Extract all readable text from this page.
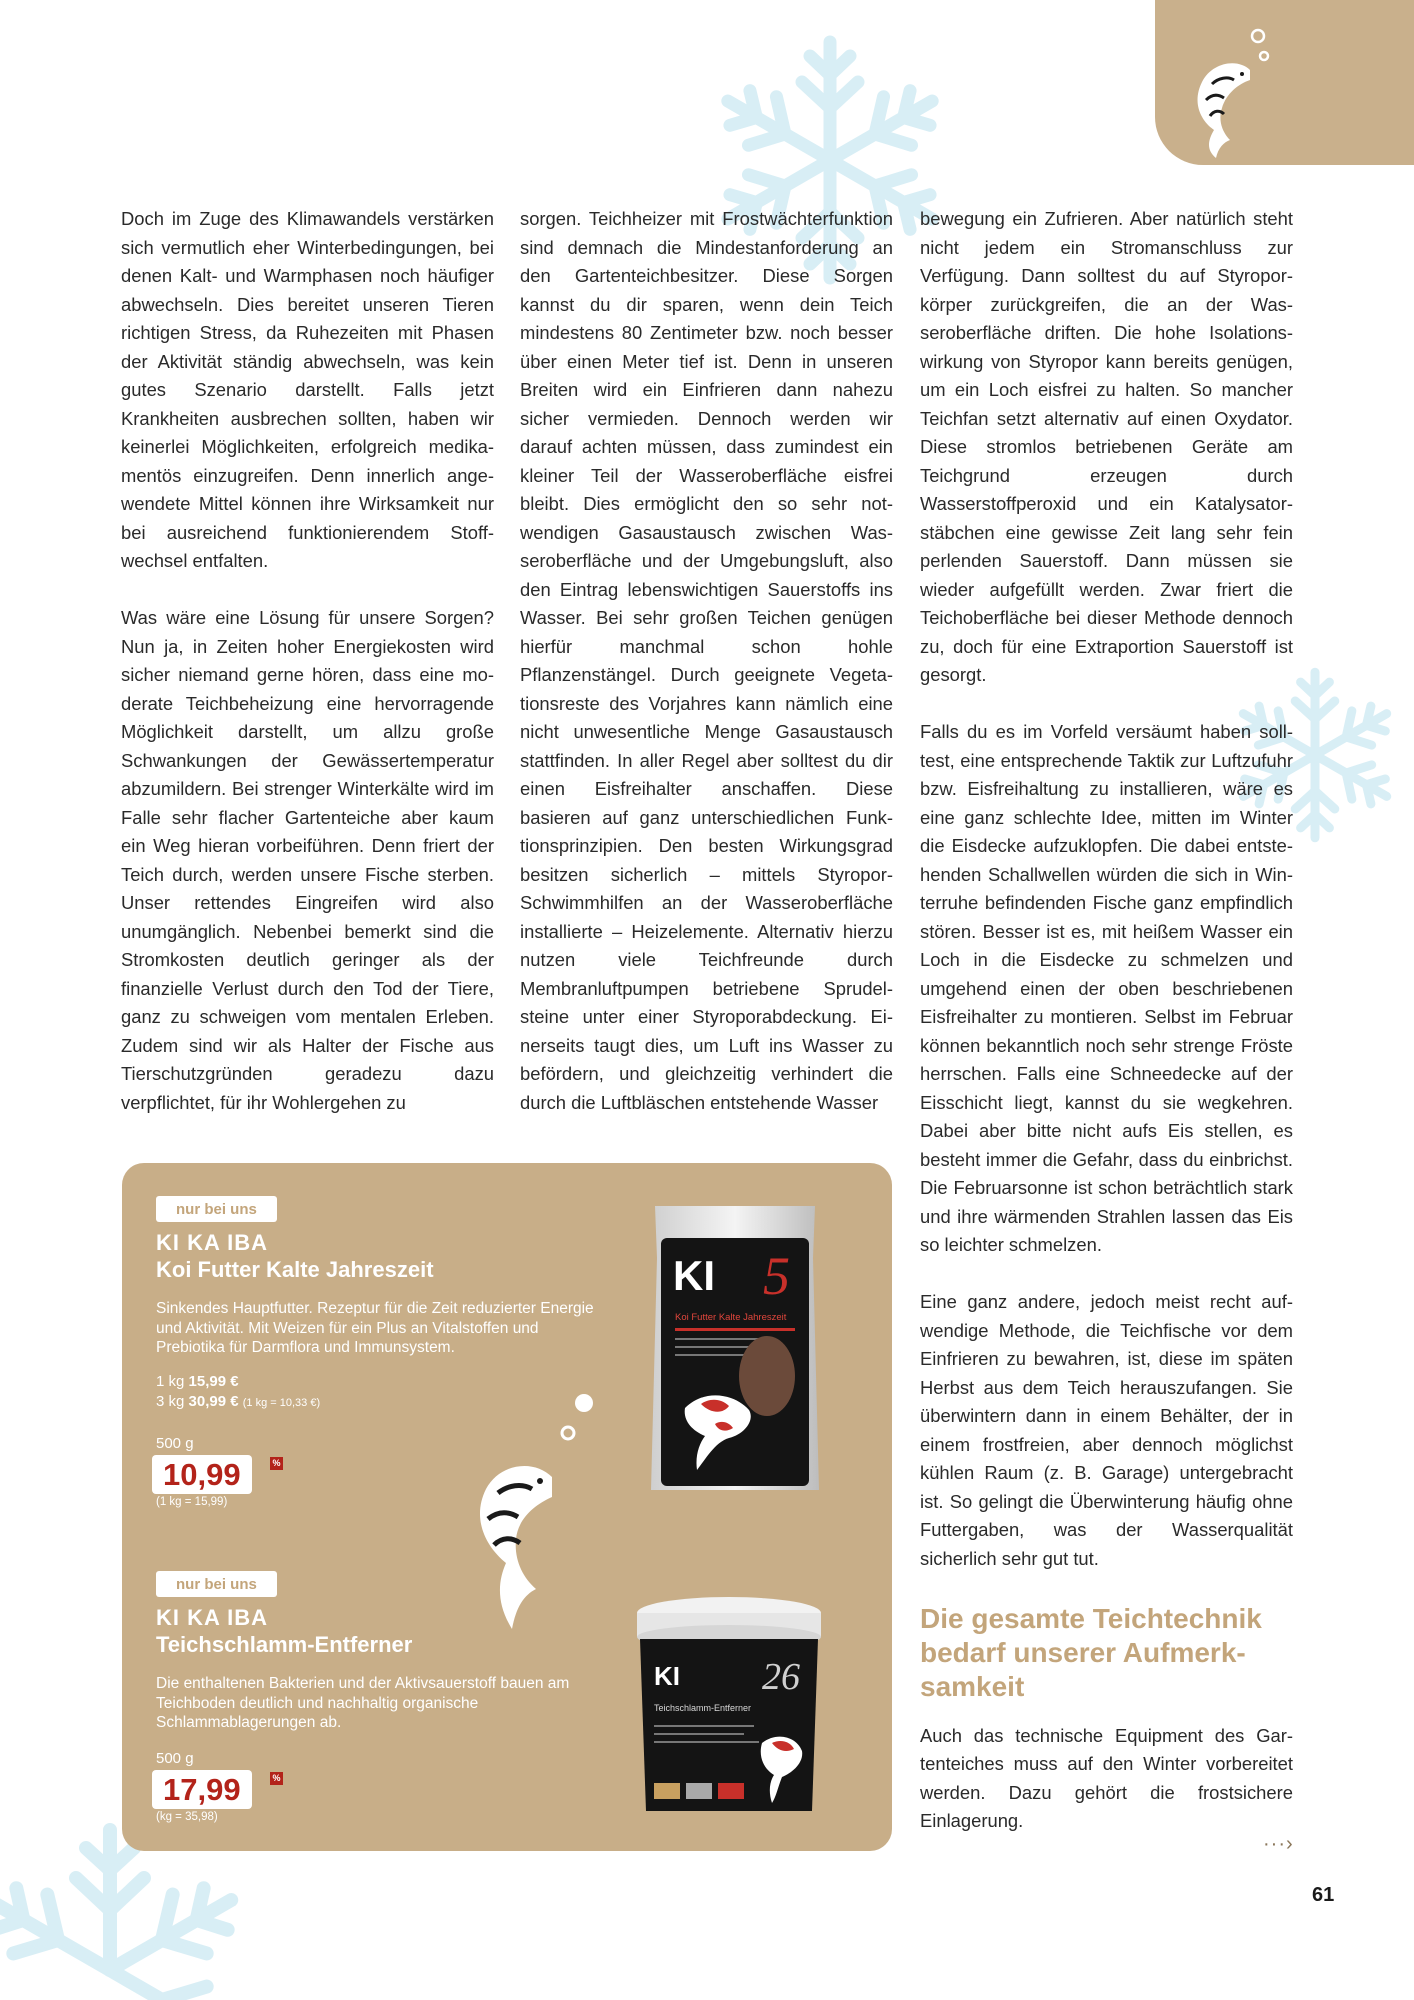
Doch im Zuge des Klimawandels verstärken sich vermutlich eher Winterbedingungen, bei denen Kalt- und Warmphasen noch häufiger abwechseln. Dies bereitet unseren Tieren richtigen Stress, da Ruhezeiten mit Phasen der Aktivität ständig abwechseln, was kein gutes Szenario darstellt. Falls jetzt Krankheiten ausbrechen sollten, haben wir keinerlei Möglichkeiten, erfolgreich medikamentös einzugreifen. Denn innerlich angewendete Mittel können ihre Wirksamkeit nur bei ausreichend funktionierendem Stoffwechsel entfalten.

Was wäre eine Lösung für unsere Sorgen? Nun ja, in Zeiten hoher Energiekosten wird sicher niemand gerne hören, dass eine moderate Teichbeheizung eine hervorragende Möglichkeit darstellt, um allzu große Schwankungen der Gewässertemperatur abzumildern. Bei strenger Winterkälte wird im Falle sehr flacher Gartenteiche aber kaum ein Weg hieran vorbeiführen. Denn friert der Teich durch, werden unsere Fische sterben. Unser rettendes Eingreifen wird also unumgänglich. Nebenbei bemerkt sind die Stromkosten deutlich geringer als der finanzielle Verlust durch den Tod der Tiere, ganz zu schweigen vom mentalen Erleben. Zudem sind wir als Halter der Fische aus Tierschutzgründen geradezu dazu verpflichtet, für ihr Wohlergehen zu

sorgen. Teichheizer mit Frostwächterfunktion sind demnach die Mindestanforderung an den Gartenteichbesitzer. Diese Sorgen kannst du dir sparen, wenn dein Teich mindestens 80 Zentimeter bzw. noch besser über einen Meter tief ist. Denn in unseren Breiten wird ein Einfrieren dann nahezu sicher vermieden. Dennoch werden wir darauf achten müssen, dass zumindest ein kleiner Teil der Wasseroberfläche eisfrei bleibt. Dies ermöglicht den so sehr notwendigen Gasaustausch zwischen Wasseroberfläche und der Umgebungsluft, also den Eintrag lebenswichtigen Sauerstoffs ins Wasser. Bei sehr großen Teichen genügen hierfür manchmal schon hohle Pflanzenstängel. Durch geeignete Vegetationsreste des Vorjahres kann nämlich eine nicht unwesentliche Menge Gasaustausch stattfinden. In aller Regel aber solltest du dir einen Eisfreihalter anschaffen. Diese basieren auf ganz unterschiedlichen Funktionsprinzipien. Den besten Wirkungsgrad besitzen sicherlich – mittels Styropor-Schwimmhilfen an der Wasseroberfläche installierte – Heizelemente. Alternativ hierzu nutzen viele Teichfreunde durch Membranluftpumpen betriebene Sprudelsteine unter einer Styroporabdeckung. Einerseits taugt dies, um Luft ins Wasser zu befördern, und gleichzeitig verhindert die durch die Luftbläschen entstehende Wasser

bewegung ein Zufrieren. Aber natürlich steht nicht jedem ein Stromanschluss zur Verfügung. Dann solltest du auf Styroporkörper zurückgreifen, die an der Wasseroberfläche driften. Die hohe Isolationswirkung von Styropor kann bereits genügen, um ein Loch eisfrei zu halten. So mancher Teichfan setzt alternativ auf einen Oxydator. Diese stromlos betriebenen Geräte am Teichgrund erzeugen durch Wasserstoffperoxid und ein Katalysatorstäbchen eine gewisse Zeit lang sehr fein perlenden Sauerstoff. Dann müssen sie wieder aufgefüllt werden. Zwar friert die Teichoberfläche bei dieser Methode dennoch zu, doch für eine Extraportion Sauerstoff ist gesorgt.

Falls du es im Vorfeld versäumt haben solltest, eine entsprechende Taktik zur Luftzufuhr bzw. Eisfreihaltung zu installieren, wäre es eine ganz schlechte Idee, mitten im Winter die Eisdecke aufzuklopfen. Die dabei entstehenden Schallwellen würden die sich in Winterruhe befindenden Fische ganz empfindlich stören. Besser ist es, mit heißem Wasser ein Loch in die Eisdecke zu schmelzen und umgehend einen der oben beschriebenen Eisfreihalter zu montieren. Selbst im Februar können bekanntlich noch sehr strenge Fröste herrschen. Falls eine Schneedecke auf der Eisschicht liegt, kannst du sie wegkehren. Dabei aber bitte nicht aufs Eis stellen, es besteht immer die Gefahr, dass du einbrichst. Die Februarsonne ist schon beträchtlich stark und ihre wärmenden Strahlen lassen das Eis so leichter schmelzen.

Eine ganz andere, jedoch meist recht aufwendige Methode, die Teichfische vor dem Einfrieren zu bewahren, ist, diese im späten Herbst aus dem Teich herauszufangen. Sie überwintern dann in einem Behälter, der in einem frostfreien, aber dennoch möglichst kühlen Raum (z. B. Garage) untergebracht ist. So gelingt die Überwinterung häufig ohne Futtergaben, was der Wasserqualität sicherlich sehr gut tut.

Die gesamte Teichtechnik bedarf unserer Aufmerksamkeit

Auch das technische Equipment des Gartenteiches muss auf den Winter vorbereitet werden. Dazu gehört die frostsichere Einlagerung.

···›
61
nur bei uns
KI KA IBA
Koi Futter Kalte Jahreszeit
Sinkendes Hauptfutter. Rezeptur für die Zeit reduzierter Energie und Aktivität. Mit Weizen für ein Plus an Vitalstoffen und Prebiotika für Darmflora und Immunsystem.
1 kg 15,99 €
3 kg 30,99 € (1 kg = 10,33 €)
500 g
10,99	%
(1 kg = 15,99)
KI 5
Koi Futter Kalte Jahreszeit
nur bei uns
KI KA IBA
Teichschlamm-Entferner
Die enthaltenen Bakterien und der Aktivsauerstoff bauen am Teichboden deutlich und nachhaltig organische Schlammablagerungen ab.
500 g
17,99	%
(kg = 35,98)
KI 26
Teichschlamm-Entferner
